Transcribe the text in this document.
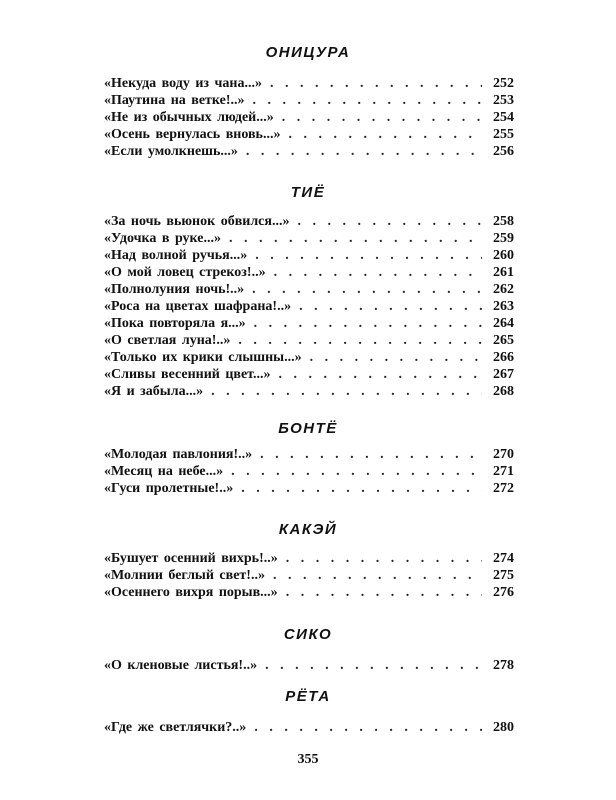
ОНИЦУРА
«Некуда воду из чана...» . . .	252
«Паутина на ветке!..» . . .	253
«Не из обычных людей...» . . .	254
«Осень вернулась вновь...» . . .	255
«Если умолкнешь...» . . .	256
ТИЁ
«За ночь вьюнок обвился...» . . .	258
«Удочка в руке...» . . .	259
«Над волной ручья...» . . .	260
«О мой ловец стрекоз!..» . . .	261
«Полнолуния ночь!..» . . .	262
«Роса на цветах шафрана!..» . . .	263
«Пока повторяла я...» . . .	264
«О светлая луна!..» . . .	265
«Только их крики слышны...» . . .	266
«Сливы весенний цвет...» . . .	267
«Я и забыла...» . . .	268
БОНТЁ
«Молодая павлония!..» . . .	270
«Месяц на небе...» . . .	271
«Гуси пролетные!..» . . .	272
КАКЭЙ
«Бушует осенний вихрь!..» . . .	274
«Молнии беглый свет!..» . . .	275
«Осеннего вихря порыв...» . . .	276
СИКО
«О кленовые листья!..» . . .	278
РЁТА
«Где же светлячки?..» . . .	280
355
